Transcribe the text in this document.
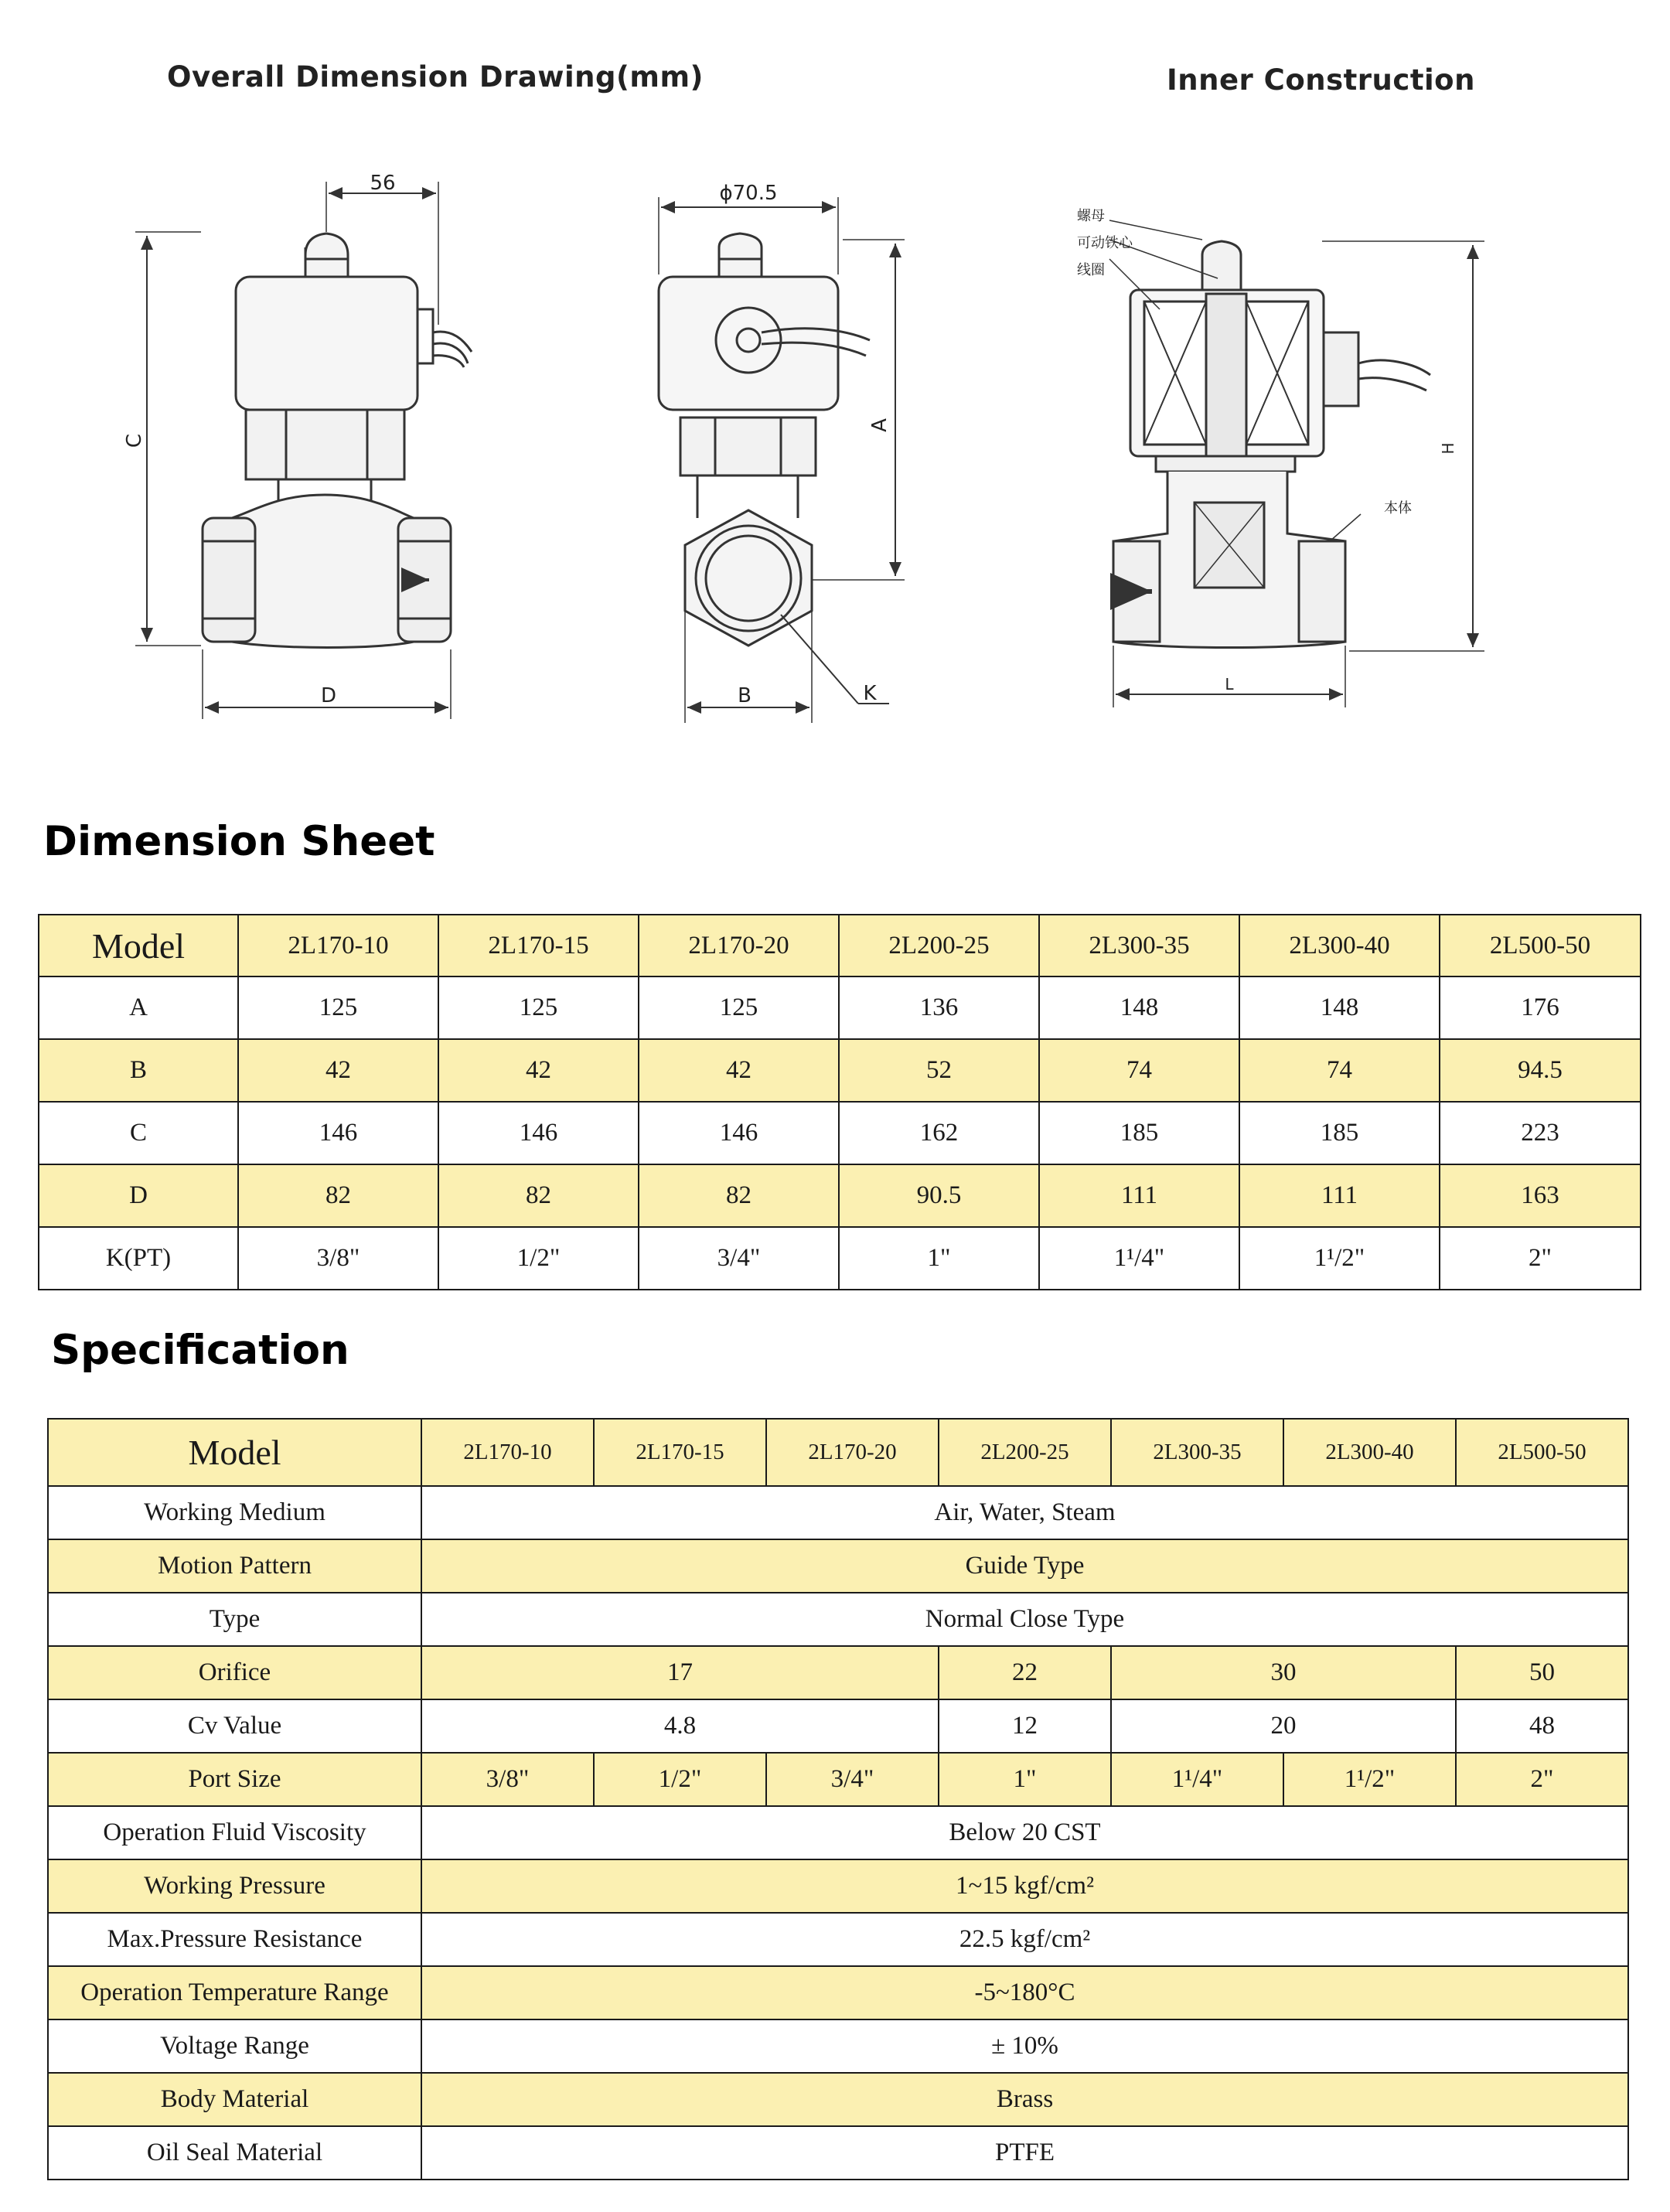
Overall Dimension Drawing(mm)	Inner Construction
56
C
D
ϕ70.5
A
B	K
螺母
可动铁心
线圈
本体
H
L
Dimension Sheet
Model	2L170-10	2L170-15	2L170-20	2L200-25	2L300-35	2L300-40	2L500-50
A	125	125	125	136	148	148	176
B	42	42	42	52	74	74	94.5
C	146	146	146	162	185	185	223
D	82	82	82	90.5	111	111	163
K(PT)	3/8"	1/2"	3/4"	1"	1¹/4"	1¹/2"	2"
Specification
Model	2L170-10	2L170-15	2L170-20	2L200-25	2L300-35	2L300-40	2L500-50
Working Medium	Air, Water, Steam						
Motion Pattern	Guide Type						
Type	Normal Close Type						
Orifice	17			22	30		50
Cv Value	4.8			12	20		48
Port Size	3/8"	1/2"	3/4"	1"	1¹/4"	1¹/2"	2"
Operation Fluid Viscosity	Below 20 CST						
Working Pressure	1~15 kgf/cm²						
Max.Pressure Resistance	22.5 kgf/cm²						
Operation Temperature Range	-5~180°C						
Voltage Range	± 10%						
Body Material	Brass						
Oil Seal Material	PTFE						
